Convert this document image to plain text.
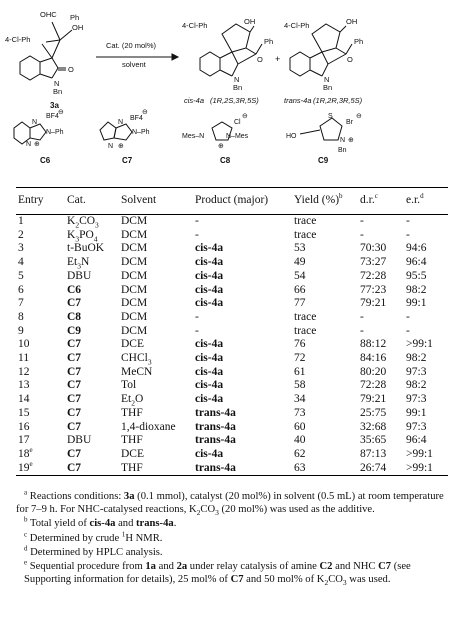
OHC Ph
OH
4-Cl-Ph
O
N
Bn
3a
Cat. (20 mol%)
solvent
4-Cl-Ph	OH
Ph
O
N
Bn
cis-4a (1R,2S,3R,5S)
+
4-Cl-Ph	OH
Ph
O
N
Bn
trans-4a (1R,2R,3R,5S)
N
N
N–Ph
BF4
⊕
⊖
C6
N
N
N–Ph
BF4
⊕
⊖
C7
Mes–N	N–Mes
Cl
⊕
⊖
C8
HO
S
N
Bn
Br
⊕
⊖
C9
Entry	Cat.	Solvent	Product (major)	Yield (%)$^b$	d.r.$^c$	e.r.$^d$
1	$K_2CO_3$	DCM	-	trace	-	-
2	$K_3PO_4$	DCM	-	trace	-	-
3	t-BuOK	DCM	cis-4a	53	70:30	94:6
4	$Et_3N$	DCM	cis-4a	49	73:27	96:4
5	DBU	DCM	cis-4a	54	72:28	95:5
6	C6	DCM	cis-4a	66	77:23	98:2
7	C7	DCM	cis-4a	77	79:21	99:1
8	C8	DCM	-	trace	-	-
9	C9	DCM	-	trace	-	-
10	C7	DCE	cis-4a	76	88:12	>99:1
11	C7	CHCl$_3$	cis-4a	72	84:16	98:2
12	C7	MeCN	cis-4a	61	80:20	97:3
13	C7	Tol	cis-4a	58	72:28	98:2
14	C7	$Et_2O$	cis-4a	34	79:21	97:3
15	C7	THF	trans-4a	73	25:75	99:1
16	C7	1,4-dioxane	trans-4a	60	32:68	97:3
17	DBU	THF	trans-4a	40	35:65	96:4
18e	C7	DCE	cis-4a	62	87:13	>99:1
19e	C7	THF	trans-4a	63	26:74	>99:1

$^a$ Reactions conditions: 3a (0.1 mmol), catalyst (20 mol%) in solvent (0.5 mL) at room temperature for 7–9 h. For NHC-catalysed reactions, $K_2CO_3$ (20 mol%) was used as the additive.

$^b$ Total yield of cis-4a and trans-4a.

$^c$ Determined by crude $^1$H NMR.

$^d$ Determined by HPLC analysis.

$^e$ Sequential procedure from 1a and 2a under relay catalysis of amine C2 and NHC C7 (see Supporting information for details), 25 mol% of C7 and 50 mol% of $K_2CO_3$ was used.
